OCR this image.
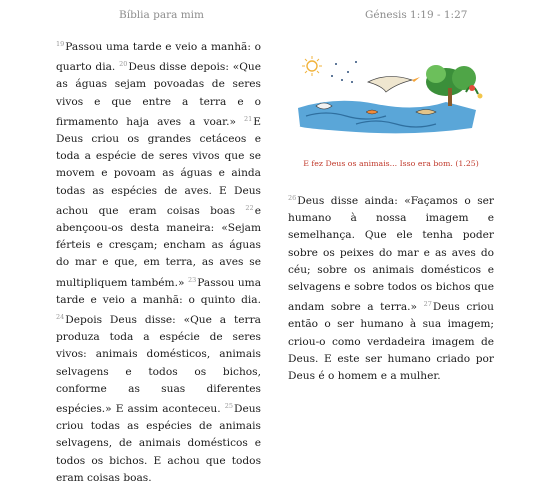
Bíblia para mim	Génesis 1:19 - 1:27
$^{19}$Passou uma tarde e veio a manhã: o quarto dia. $^{20}$Deus disse depois: «Que as águas sejam povoadas de seres vivos e que entre a terra e o firmamento haja aves a voar.» $^{21}$E Deus criou os grandes cetáceos e toda a espécie de seres vivos que se movem e povoam as águas e ainda todas as espécies de aves. E Deus achou que eram coisas boas $^{22}$e abençoou-os desta maneira: «Sejam férteis e cresçam; encham as águas do mar e que, em terra, as aves se multipliquem também.» $^{23}$Passou uma tarde e veio a manhã: o quinto dia. $^{24}$Depois Deus disse: «Que a terra produza toda a espécie de seres vivos: animais domésticos, animais selvagens e todos os bichos, conforme as suas diferentes espécies.» E assim aconteceu. $^{25}$Deus criou todas as espécies de animais selvagens, de animais domésticos e todos os bichos. E achou que todos eram coisas boas.
E fez Deus os animais... Isso era bom. (1.25)
$^{26}$Deus disse ainda: «Façamos o ser humano à nossa imagem e semelhança. Que ele tenha poder sobre os peixes do mar e as aves do céu; sobre os animais domésticos e selvagens e sobre todos os bichos que andam sobre a terra.» $^{27}$Deus criou então o ser humano à sua imagem; criou-o como verdadeira imagem de Deus. E este ser humano criado por Deus é o homem e a mulher.
